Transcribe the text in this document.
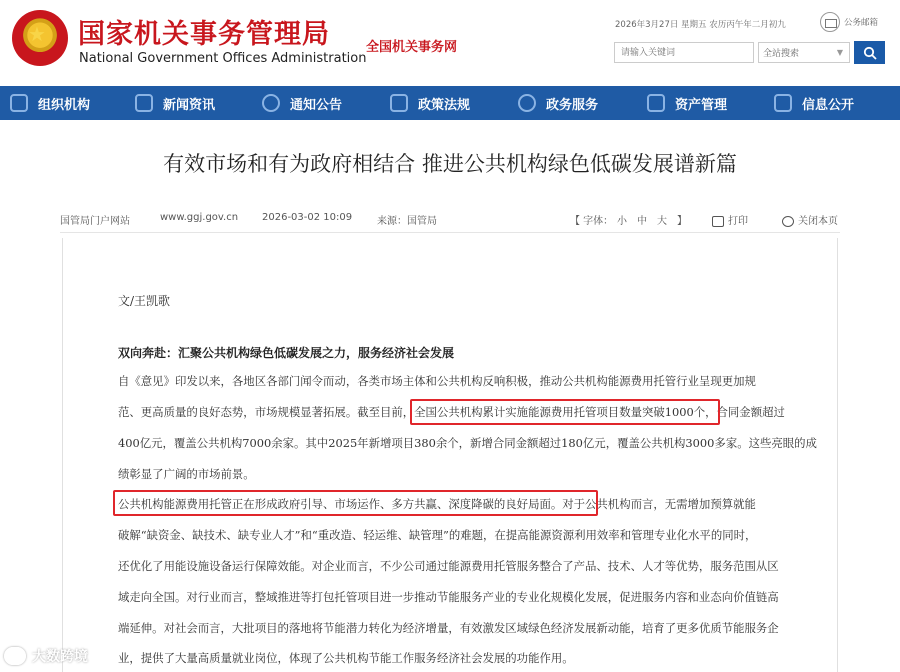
★ 国家机关事务管理局
National Government Offices Administration
全国机关事务网
2026年3月27日 星期五 农历丙午年二月初九	公务邮箱
请输入关键词
全站搜索	▼
组织机构	新闻资讯	通知公告	政策法规	政务服务	资产管理	信息公开
有效市场和有为政府相结合 推进公共机构绿色低碳发展谱新篇
国管局门户网站	www.ggj.gov.cn 2026-03-02 10:09 来源：国管局	【 字体： 小 中 大 】	打印	关闭本页
文/王凯歌
双向奔赴：汇聚公共机构绿色低碳发展之力，服务经济社会发展
自《意见》印发以来，各地区各部门闻令而动，各类市场主体和公共机构反响积极，推动公共机构能源费用托管行业呈现更加规
范、更高质量的良好态势，市场规模显著拓展。截至目前，全国公共机构累计实施能源费用托管项目数量突破1000个，合同金额超过
400亿元，覆盖公共机构7000余家。其中2025年新增项目380余个，新增合同金额超过180亿元，覆盖公共机构3000多家。这些亮眼的成
绩彰显了广阔的市场前景。
公共机构能源费用托管正在形成政府引导、市场运作、多方共赢、深度降碳的良好局面。对于公共机构而言，无需增加预算就能
破解“缺资金、缺技术、缺专业人才”和“重改造、轻运维、缺管理”的难题，在提高能源资源利用效率和管理专业化水平的同时，
还优化了用能设施设备运行保障效能。对企业而言，不少公司通过能源费用托管服务整合了产品、技术、人才等优势，服务范围从区
域走向全国。对行业而言，整域推进等打包托管项目进一步推动节能服务产业的专业化规模化发展，促进服务内容和业态向价值链高
端延伸。对社会而言，大批项目的落地将节能潜力转化为经济增量，有效激发区域绿色经济发展新动能，培育了更多优质节能服务企
业，提供了大量高质量就业岗位，体现了公共机构节能工作服务经济社会发展的功能作用。
大数跨境
